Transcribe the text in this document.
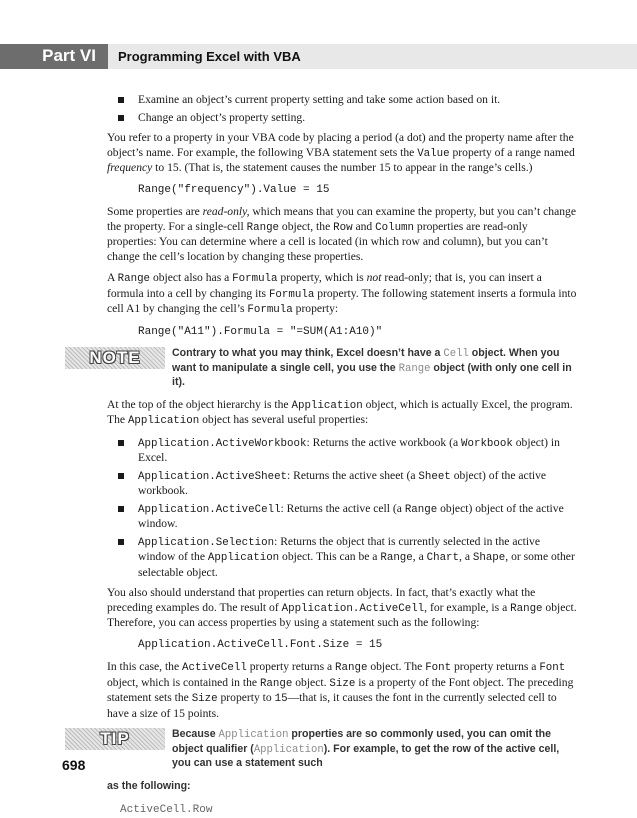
Part VI Programming Excel with VBA
Examine an object’s current property setting and take some action based on it.
Change an object’s property setting.

You refer to a property in your VBA code by placing a period (a dot) and the property name after the object’s name. For example, the following VBA statement sets the Value property of a range named frequency to 15. (That is, the statement causes the number 15 to appear in the range’s cells.)

Range("frequency").Value = 15

Some properties are read-only, which means that you can examine the property, but you can’t change the property. For a single-cell Range object, the Row and Column properties are read-only properties: You can determine where a cell is located (in which row and column), but you can’t change the cell’s location by changing these properties.

A Range object also has a Formula property, which is not read-only; that is, you can insert a formula into a cell by changing its Formula property. The following statement inserts a formula into cell A1 by changing the cell’s Formula property:

Range("A11").Formula = "=SUM(A1:A10)"
NOTE	Contrary to what you may think, Excel doesn’t have a Cell object. When you want to manipulate a single cell, you use the Range object (with only one cell in it).

At the top of the object hierarchy is the Application object, which is actually Excel, the program. The Application object has several useful properties:

Application.ActiveWorkbook: Returns the active workbook (a Workbook object) in Excel.
Application.ActiveSheet: Returns the active sheet (a Sheet object) of the active workbook.
Application.ActiveCell: Returns the active cell (a Range object) object of the active window.
Application.Selection: Returns the object that is currently selected in the active window of the Application object. This can be a Range, a Chart, a Shape, or some other selectable object.

You also should understand that properties can return objects. In fact, that’s exactly what the preceding examples do. The result of Application.ActiveCell, for example, is a Range object. Therefore, you can access properties by using a statement such as the following:

Application.ActiveCell.Font.Size = 15

In this case, the ActiveCell property returns a Range object. The Font property returns a Font object, which is contained in the Range object. Size is a property of the Font object. The preceding statement sets the Size property to 15—that is, it causes the font in the currently selected cell to have a size of 15 points.

TIP	Because Application properties are so commonly used, you can omit the object qualifier (Application). For example, to get the row of the active cell, you can use a statement such
as the following:
ActiveCell.Row
698
